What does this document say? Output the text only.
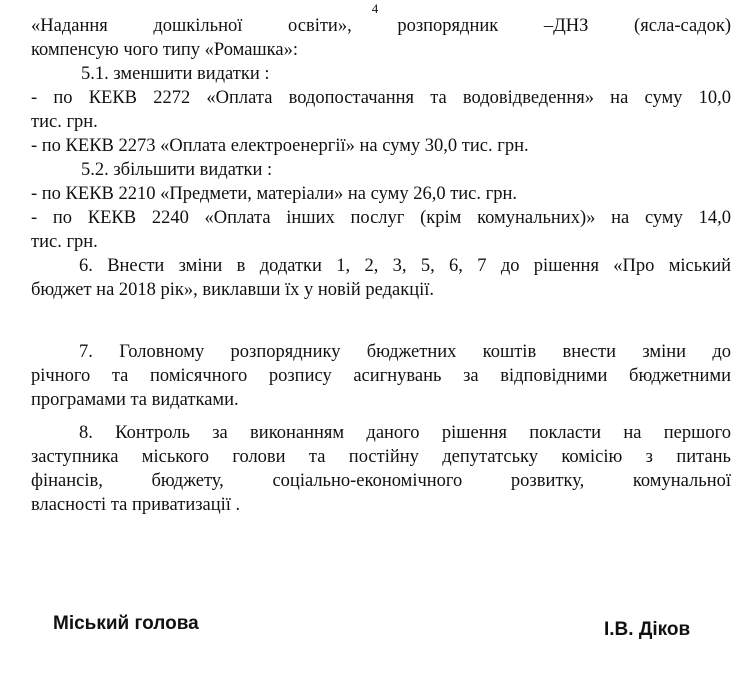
4
«Надання дошкільної освіти», розпорядник –ДНЗ (ясла-садок)
компенсую чого типу «Ромашка»:
5.1. зменшити видатки :
- по КЕКВ 2272 «Оплата водопостачання та водовідведення» на суму 10,0
тис. грн.
- по КЕКВ 2273 «Оплата електроенергії» на суму 30,0 тис. грн.
5.2. збільшити видатки :
- по КЕКВ 2210 «Предмети, матеріали» на суму 26,0 тис. грн.
- по КЕКВ 2240 «Оплата інших послуг (крім комунальних)» на суму 14,0
тис. грн.
6. Внести зміни в додатки 1, 2, 3, 5, 6, 7 до рішення «Про міський
бюджет на 2018 рік», виклавши їх у новій редакції.
7. Головному розпоряднику бюджетних коштів внести зміни до
річного та помісячного розпису асигнувань за відповідними бюджетними
програмами та видатками.
8. Контроль за виконанням даного рішення покласти на першого
заступника міського голови та постійну депутатську комісію з питань
фінансів, бюджету, соціально-економічного розвитку, комунальної
власності та приватизації .
Міський голова	І.В. Діков
